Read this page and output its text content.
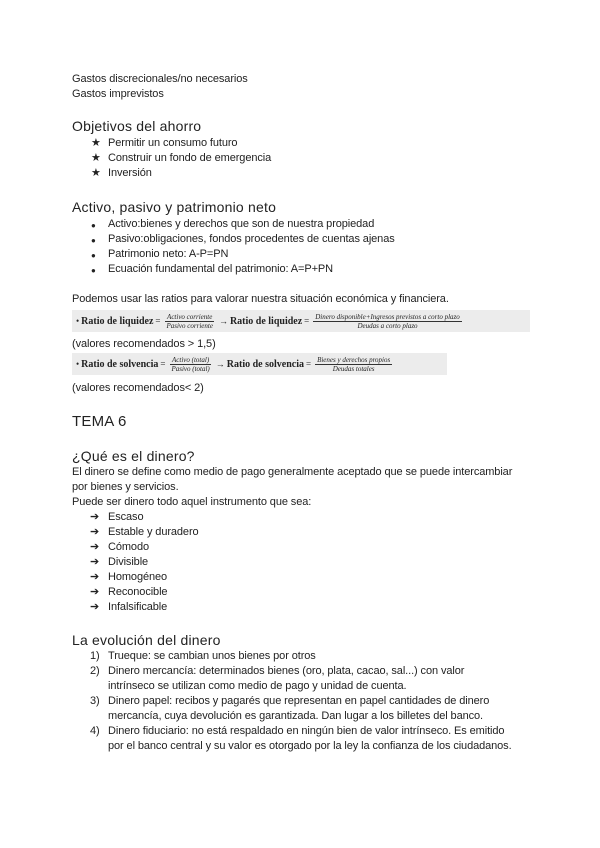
Gastos discrecionales/no necesarios
Gastos imprevistos
Objetivos del ahorro
★ Permitir un consumo futuro
★ Construir un fondo de emergencia
★ Inversión
Activo, pasivo y patrimonio neto
● Activo:bienes y derechos que son de nuestra propiedad
● Pasivo:obligaciones, fondos procedentes de cuentas ajenas
● Patrimonio neto: A-P=PN
● Ecuación fundamental del patrimonio: A=P+PN
Podemos usar las ratios para valorar nuestra situación económica y financiera.
• Ratio de liquidez = $\frac{\text{Activo corriente}}{\text{Pasivo corriente}}$ → Ratio de liquidez = $\frac{\text{Dinero disponible+Ingresos previstos a corto plazo}}{\text{Deudas a corto plazo}}$
(valores recomendados > 1,5)
• Ratio de solvencia = $\frac{\text{Activo (total)}}{\text{Pasivo (total)}}$ → Ratio de solvencia = $\frac{\text{Bienes y derechos propios}}{\text{Deudas totales}}$
(valores recomendados< 2)
TEMA 6
¿Qué es el dinero?
El dinero se define como medio de pago generalmente aceptado que se puede intercambiar
por bienes y servicios.
Puede ser dinero todo aquel instrumento que sea:
➔ Escaso
➔ Estable y duradero
➔ Cómodo
➔ Divisible
➔ Homogéneo
➔ Reconocible
➔ Infalsificable
La evolución del dinero
1) Trueque: se cambian unos bienes por otros
2) Dinero mercancía: determinados bienes (oro, plata, cacao, sal...) con valor
intrínseco se utilizan como medio de pago y unidad de cuenta.
3) Dinero papel: recibos y pagarés que representan en papel cantidades de dinero
mercancía, cuya devolución es garantizada. Dan lugar a los billetes del banco.
4) Dinero fiduciario: no está respaldado en ningún bien de valor intrínseco. Es emitido
por el banco central y su valor es otorgado por la ley la confianza de los ciudadanos.
